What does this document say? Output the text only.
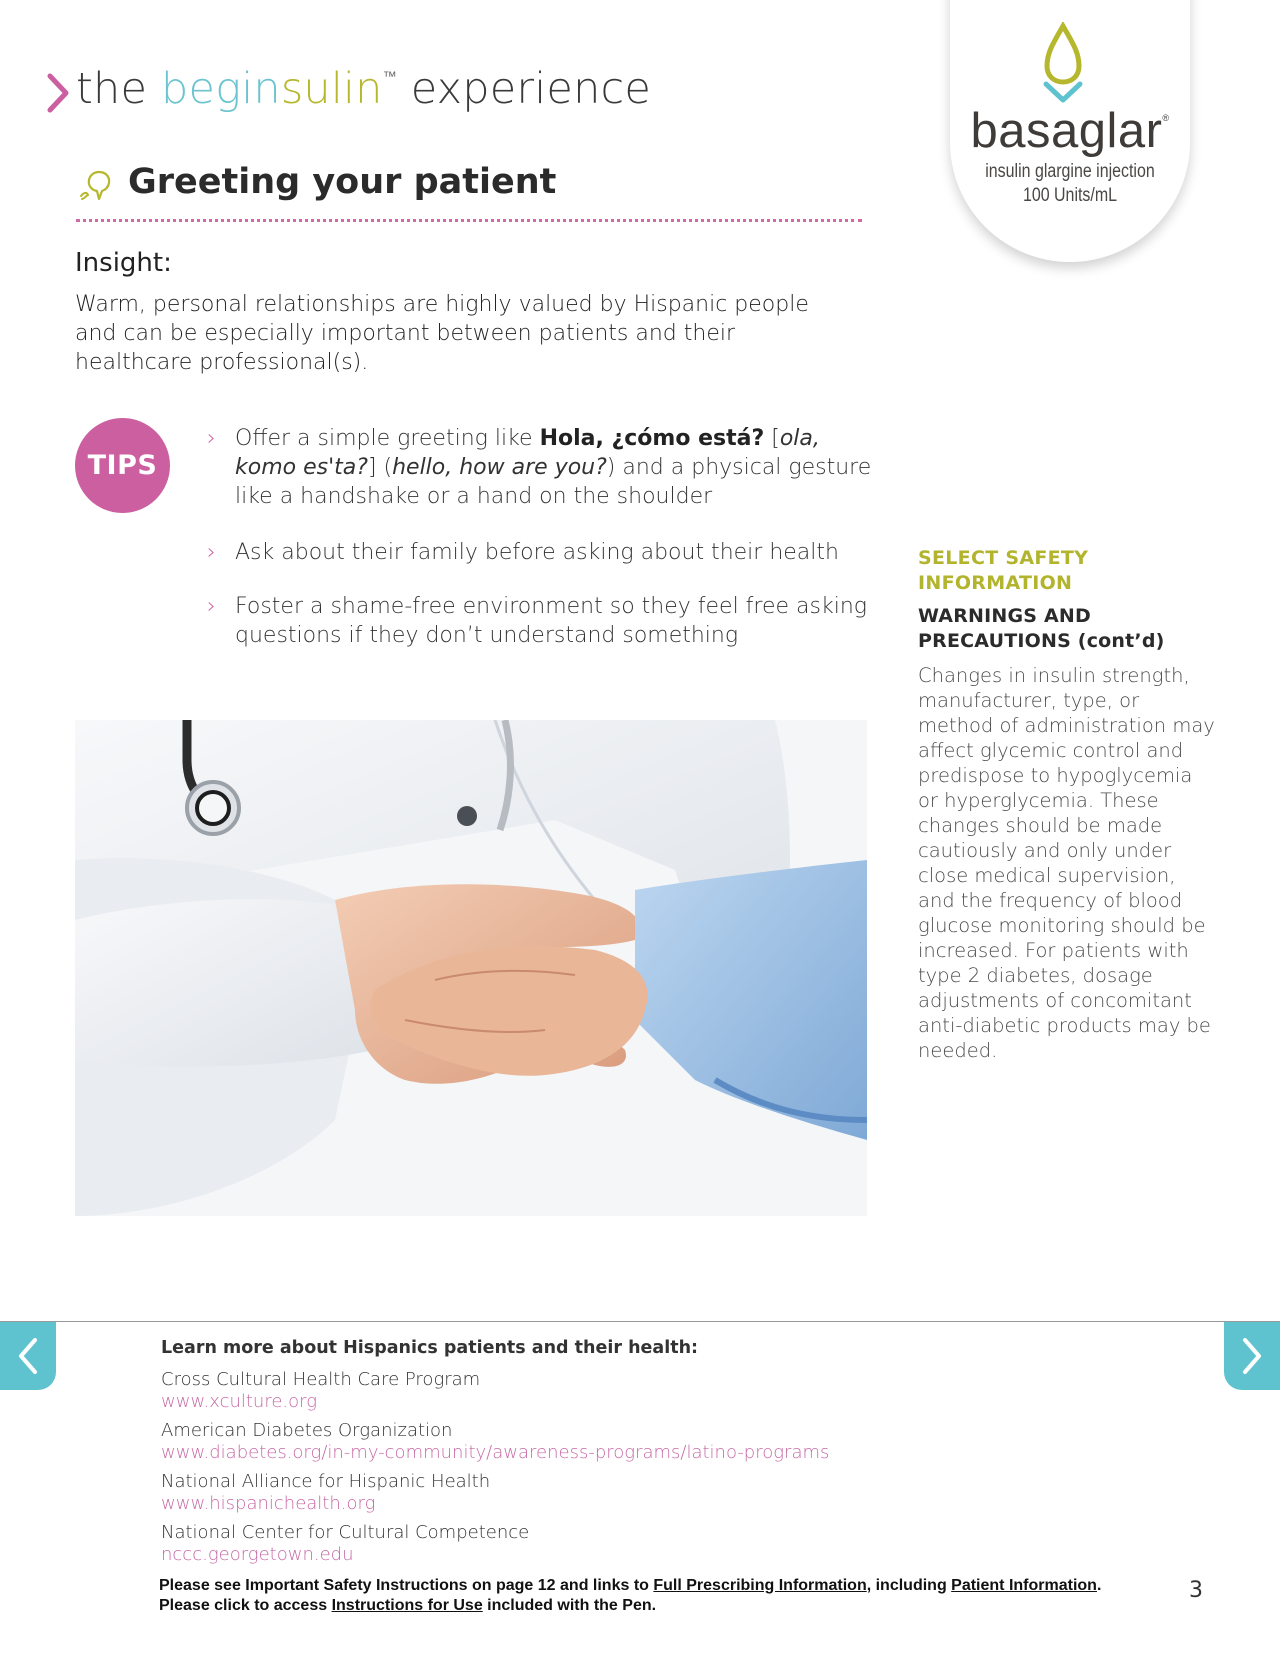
the beginsulin™ experience
basaglar®
insulin glargine injection
100 Units/mL
Greeting your patient
Insight:
Warm, personal relationships are highly valued by Hispanic people and can be especially important between patients and their healthcare professional(s).
TIPS
› Offer a simple greeting like Hola, ¿cómo está? [ola, komo es'ta?] (hello, how are you?) and a physical gesture like a handshake or a hand on the shoulder
› Ask about their family before asking about their health
› Foster a shame-free environment so they feel free asking questions if they don’t understand something
SELECT SAFETY INFORMATION
WARNINGS AND PRECAUTIONS (cont’d)
Changes in insulin strength, manufacturer, type, or method of administration may affect glycemic control and predispose to hypoglycemia or hyperglycemia. These changes should be made cautiously and only under close medical supervision, and the frequency of blood glucose monitoring should be increased. For patients with type 2 diabetes, dosage adjustments of concomitant anti-diabetic products may be needed.
Learn more about Hispanics patients and their health:
Cross Cultural Health Care Program
www.xculture.org
American Diabetes Organization
www.diabetes.org/in-my-community/awareness-programs/latino-programs
National Alliance for Hispanic Health
www.hispanichealth.org
National Center for Cultural Competence
nccc.georgetown.edu
Please see Important Safety Instructions on page 12 and links to Full Prescribing Information, including Patient Information.
Please click to access Instructions for Use included with the Pen.
3
